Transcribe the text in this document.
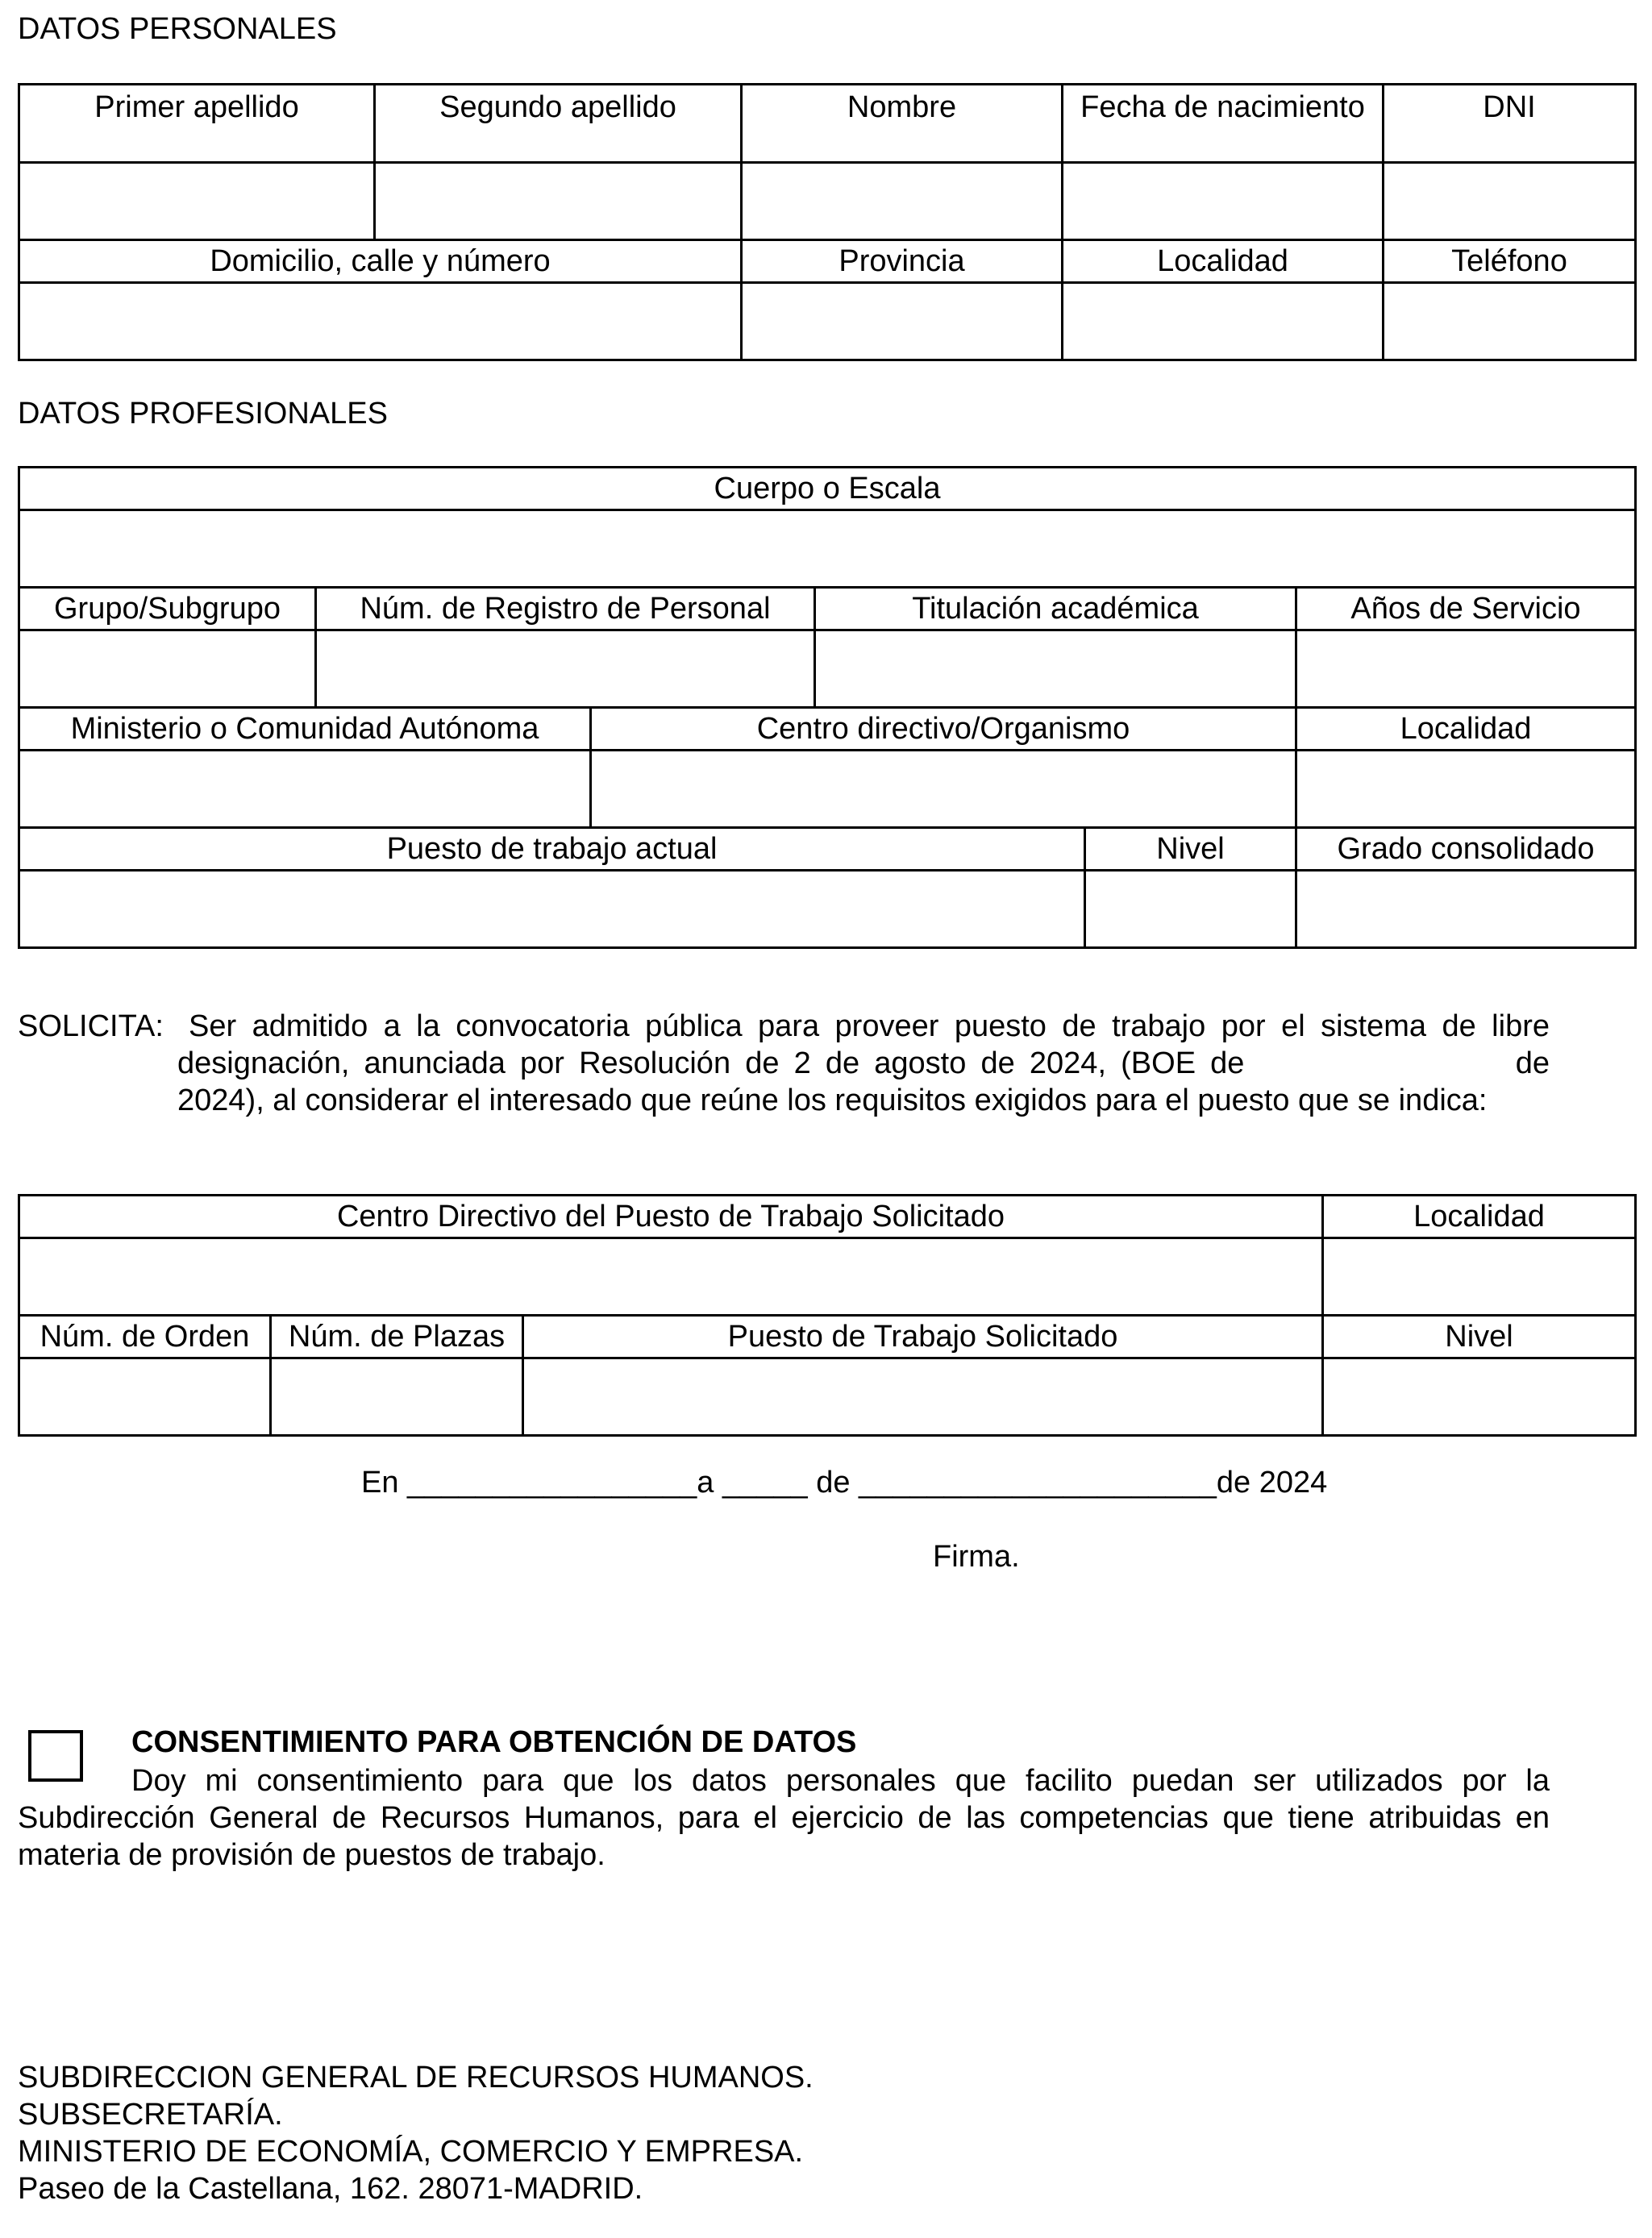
DATOS PERSONALES
Primer apellido	Segundo apellido	Nombre	Fecha de nacimiento	DNI

Domicilio, calle y número		Provincia	Localidad	Teléfono

DATOS PROFESIONALES
Cuerpo o Escala					

Grupo/Subgrupo	Núm. de Registro de Personal		Titulación académica		Años de Servicio

Ministerio o Comunidad Autónoma		Centro directivo/Organismo			Localidad

Puesto de trabajo actual				Nivel	Grado consolidado

SOLICITA: Ser admitido a la convocatoria pública para proveer puesto de trabajo por el sistema de libre
designación, anunciada por Resolución de 2 de agosto de 2024, (BOE de	de
2024), al considerar el interesado que reúne los requisitos exigidos para el puesto que se indica:
Centro Directivo del Puesto de Trabajo Solicitado			Localidad

Núm. de Orden	Núm. de Plazas	Puesto de Trabajo Solicitado	Nivel

En _________________a _____ de _____________________de 2024
Firma.
CONSENTIMIENTO PARA OBTENCIÓN DE DATOS
Doy mi consentimiento para que los datos personales que facilito puedan ser utilizados por la Subdirección General de Recursos Humanos, para el ejercicio de las competencias que tiene atribuidas en materia de provisión de puestos de trabajo.
SUBDIRECCION GENERAL DE RECURSOS HUMANOS.
SUBSECRETARÍA.
MINISTERIO DE ECONOMÍA, COMERCIO Y EMPRESA.
Paseo de la Castellana, 162. 28071-MADRID.
